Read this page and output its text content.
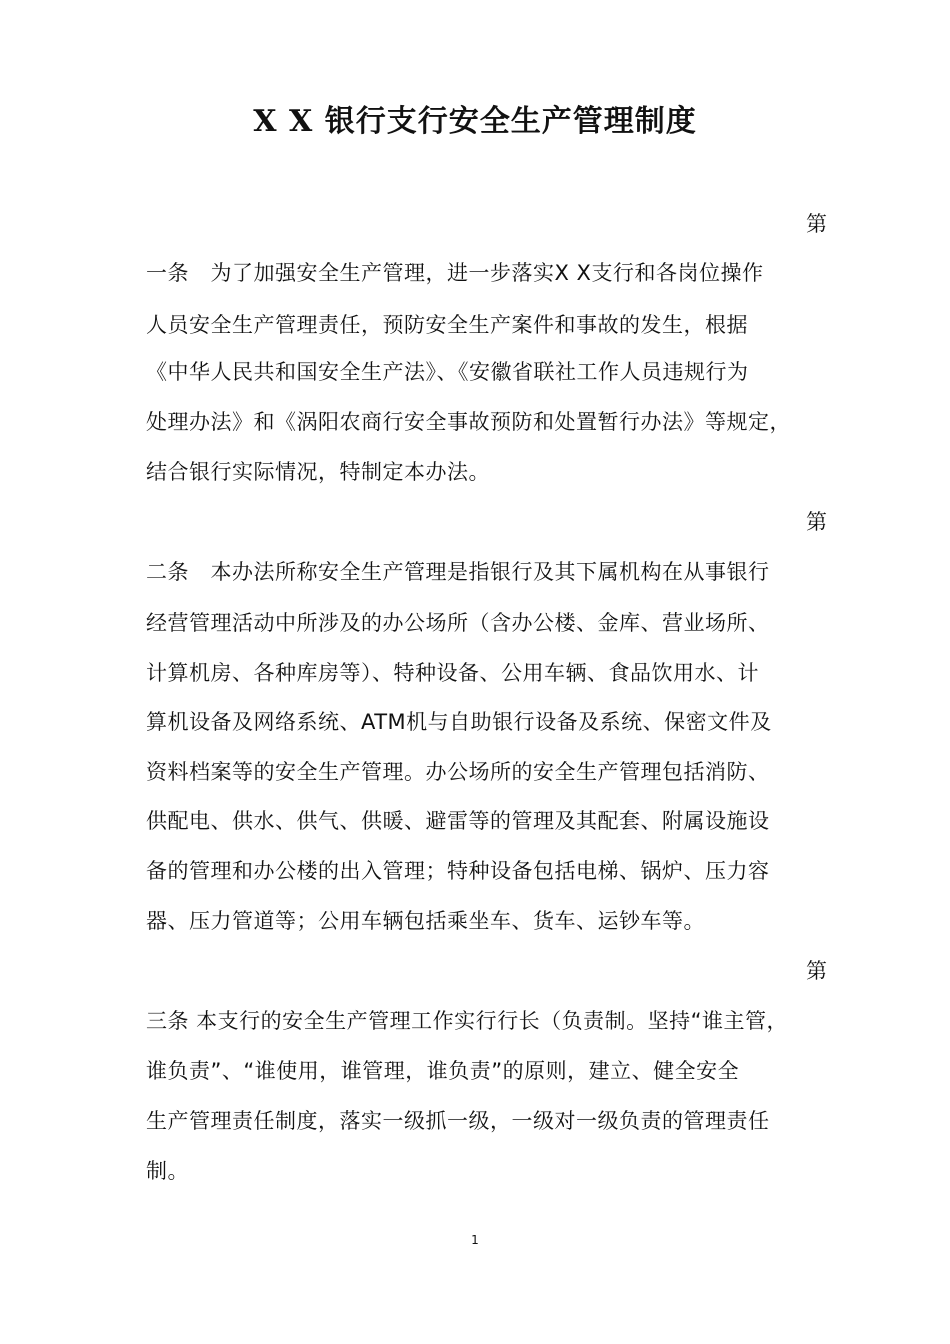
X X 银行支行安全生产管理制度
第
一条　为了加强安全生产管理，进一步落实X X支行和各岗位操作
人员安全生产管理责任，预防安全生产案件和事故的发生，根据
《中华人民共和国安全生产法》、《安徽省联社工作人员违规行为
处理办法》和《涡阳农商行安全事故预防和处置暂行办法》等规定，
结合银行实际情况，特制定本办法。
第
二条　本办法所称安全生产管理是指银行及其下属机构在从事银行
经营管理活动中所涉及的办公场所（含办公楼、金库、营业场所、
计算机房、各种库房等）、特种设备、公用车辆、食品饮用水、计
算机设备及网络系统、ATM机与自助银行设备及系统、保密文件及
资料档案等的安全生产管理。办公场所的安全生产管理包括消防、
供配电、供水、供气、供暖、避雷等的管理及其配套、附属设施设
备的管理和办公楼的出入管理；特种设备包括电梯、锅炉、压力容
器、压力管道等；公用车辆包括乘坐车、货车、运钞车等。
第
三条 本支行的安全生产管理工作实行行长（负责制。坚持“谁主管，
谁负责”、“谁使用，谁管理，谁负责”的原则，建立、健全安全
生产管理责任制度，落实一级抓一级，一级对一级负责的管理责任
制。
1
